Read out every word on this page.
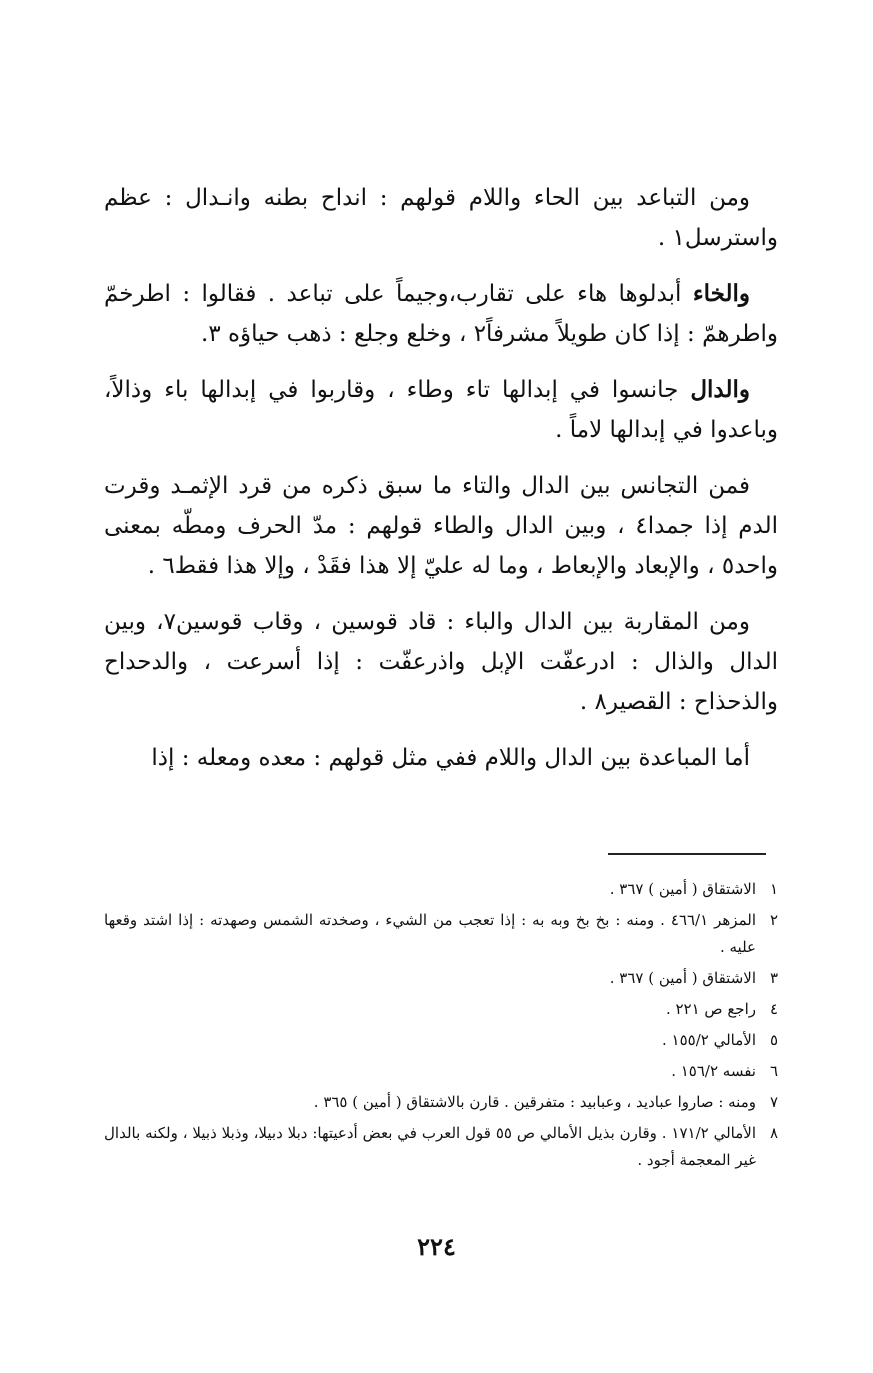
ومن التباعد بين الحاء واللام قولهم : انداح بطنه وانـدال : عظم واسترسل١ .

والخاء أبدلوها هاء على تقارب،وجيماً على تباعد . فقالوا : اطرخمّ واطرهمّ : إذا كان طويلاً مشرفاً٢ ، وخلع وجلع : ذهب حياؤه ٣.

والدال جانسوا في إبدالها تاء وطاء ، وقاربوا في إبدالها باء وذالاً، وباعدوا في إبدالها لاماً .

فمن التجانس بين الدال والتاء ما سبق ذكره من قرد الإثمـد وقرت الدم إذا جمدا٤ ، وبين الدال والطاء قولهم : مدّ الحرف ومطّه بمعنى واحد٥ ، والإبعاد والإبعاط ، وما له عليّ إلا هذا فقَدْ ، وإلا هذا فقط٦ .

ومن المقاربة بين الدال والباء : قاد قوسين ، وقاب قوسين٧، وبين الدال والذال : ادرعفّت الإبل واذرعفّت : إذا أسرعت ، والدحداح والذحذاح : القصير٨ .

أما المباعدة بين الدال واللام ففي مثل قولهم : معده ومعله : إذا

١
الاشتقاق ( أمين ) ٣٦٧ .
٢
المزهر ٤٦٦/١ . ومنه : بخ بخ وبه به : إذا تعجب من الشيء ، وصخدته الشمس وصهدته : إذا اشتد وقعها عليه .
٣
الاشتقاق ( أمين ) ٣٦٧ .
٤
راجع ص ٢٢١ .
٥
الأمالي ١٥٥/٢ .
٦
نفسه ١٥٦/٢ .
٧
ومنه : صاروا عباديد ، وعبابيد : متفرقين . قارن بالاشتقاق ( أمين ) ٣٦٥ .
٨
الأمالي ١٧١/٢ . وقارن بذيل الأمالي ص ٥٥ قول العرب في بعض أدعيتها: دبلا دبيلا، وذبلا ذبيلا ، ولكنه بالدال غير المعجمة أجود .
٢٢٤
